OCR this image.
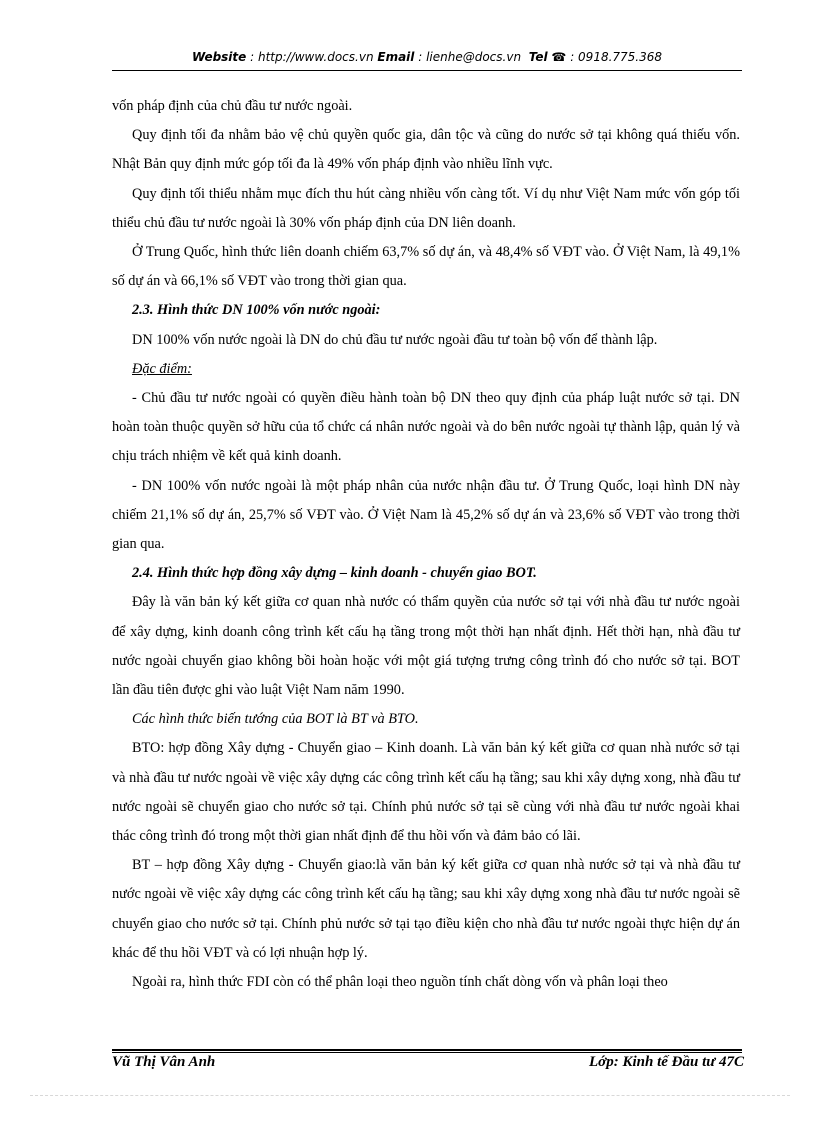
Website : http://www.docs.vn Email : lienhe@docs.vn  Tel ☎ : 0918.775.368

vốn pháp định của chủ đầu tư nước ngoài.

Quy định tối đa nhằm bảo vệ chủ quyền quốc gia, dân tộc và cũng do nước sở tại không quá thiếu vốn. Nhật Bản quy định mức góp tối đa là 49% vốn pháp định vào nhiều lĩnh vực.

Quy định tối thiểu nhằm mục đích thu hút càng nhiều vốn càng tốt. Ví dụ như Việt Nam mức vốn góp tối thiểu chủ đầu tư nước ngoài là 30% vốn pháp định của DN liên doanh.

Ở Trung Quốc, hình thức liên doanh chiếm 63,7% số dự án, và 48,4% số VĐT vào. Ở Việt Nam, là 49,1% số dự án và 66,1% số VĐT vào trong thời gian qua.

2.3. Hình thức DN 100% vốn nước ngoài:

DN 100% vốn nước ngoài là DN do chủ đầu tư nước ngoài đầu tư toàn bộ vốn để thành lập.

Đặc điểm:

- Chủ đầu tư nước ngoài có quyền điều hành toàn bộ DN theo quy định của pháp luật nước sở tại. DN hoàn toàn thuộc quyền sở hữu của tổ chức cá nhân nước ngoài và do bên nước ngoài tự thành lập, quản lý và chịu trách nhiệm về kết quả kinh doanh.

- DN 100% vốn nước ngoài là một pháp nhân của nước nhận đầu tư. Ở Trung Quốc, loại hình DN này chiếm 21,1% số dự án, 25,7% số VĐT vào. Ở Việt Nam là 45,2% số dự án và 23,6% số VĐT vào trong thời gian qua.

2.4. Hình thức hợp đồng xây dựng – kinh doanh - chuyển giao BOT.

Đây là văn bản ký kết giữa cơ quan nhà nước có thẩm quyền của nước sở tại với nhà đầu tư nước ngoài để xây dựng, kinh doanh công trình kết cấu hạ tầng trong một thời hạn nhất định. Hết thời hạn, nhà đầu tư nước ngoài chuyển giao không bồi hoàn hoặc với một giá tượng trưng công trình đó cho nước sở tại. BOT lần đầu tiên được ghi vào luật Việt Nam năm 1990.

Các hình thức biến tướng của BOT là BT và BTO.

BTO: hợp đồng Xây dựng - Chuyển giao – Kinh doanh. Là văn bản ký kết giữa cơ quan nhà nước sở tại và nhà đầu tư nước ngoài về việc xây dựng các công trình kết cấu hạ tầng; sau khi xây dựng xong, nhà đầu tư nước ngoài sẽ chuyển giao cho nước sở tại. Chính phủ nước sở tại sẽ cùng với nhà đầu tư nước ngoài khai thác công trình đó trong một thời gian nhất định để thu hồi vốn và đảm bảo có lãi.

BT – hợp đồng Xây dựng - Chuyển giao:là văn bản ký kết giữa cơ quan nhà nước sở tại và nhà đầu tư nước ngoài về việc xây dựng các công trình kết cấu hạ tầng; sau khi xây dựng xong nhà đầu tư nước ngoài sẽ chuyển giao cho nước sở tại. Chính phủ nước sở tại tạo điều kiện cho nhà đầu tư nước ngoài thực hiện dự án khác để thu hồi VĐT và có lợi nhuận hợp lý.

Ngoài ra, hình thức FDI còn có thể phân loại theo nguồn tính chất dòng vốn và phân loại theo

Vũ Thị Vân Anh	Lớp: Kinh tế Đầu tư 47C
